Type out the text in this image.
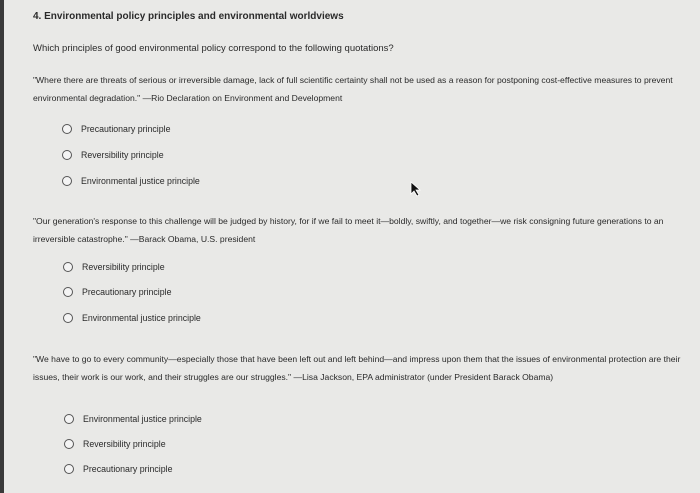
4. Environmental policy principles and environmental worldviews
Which principles of good environmental policy correspond to the following quotations?
"Where there are threats of serious or irreversible damage, lack of full scientific certainty shall not be used as a reason for postponing cost-effective measures to prevent environmental degradation." —Rio Declaration on Environment and Development
Precautionary principle
Reversibility principle
Environmental justice principle
"Our generation's response to this challenge will be judged by history, for if we fail to meet it—boldly, swiftly, and together—we risk consigning future generations to an irreversible catastrophe." —Barack Obama, U.S. president
Reversibility principle
Precautionary principle
Environmental justice principle
"We have to go to every community—especially those that have been left out and left behind—and impress upon them that the issues of environmental protection are their issues, their work is our work, and their struggles are our struggles." —Lisa Jackson, EPA administrator (under President Barack Obama)
Environmental justice principle
Reversibility principle
Precautionary principle
